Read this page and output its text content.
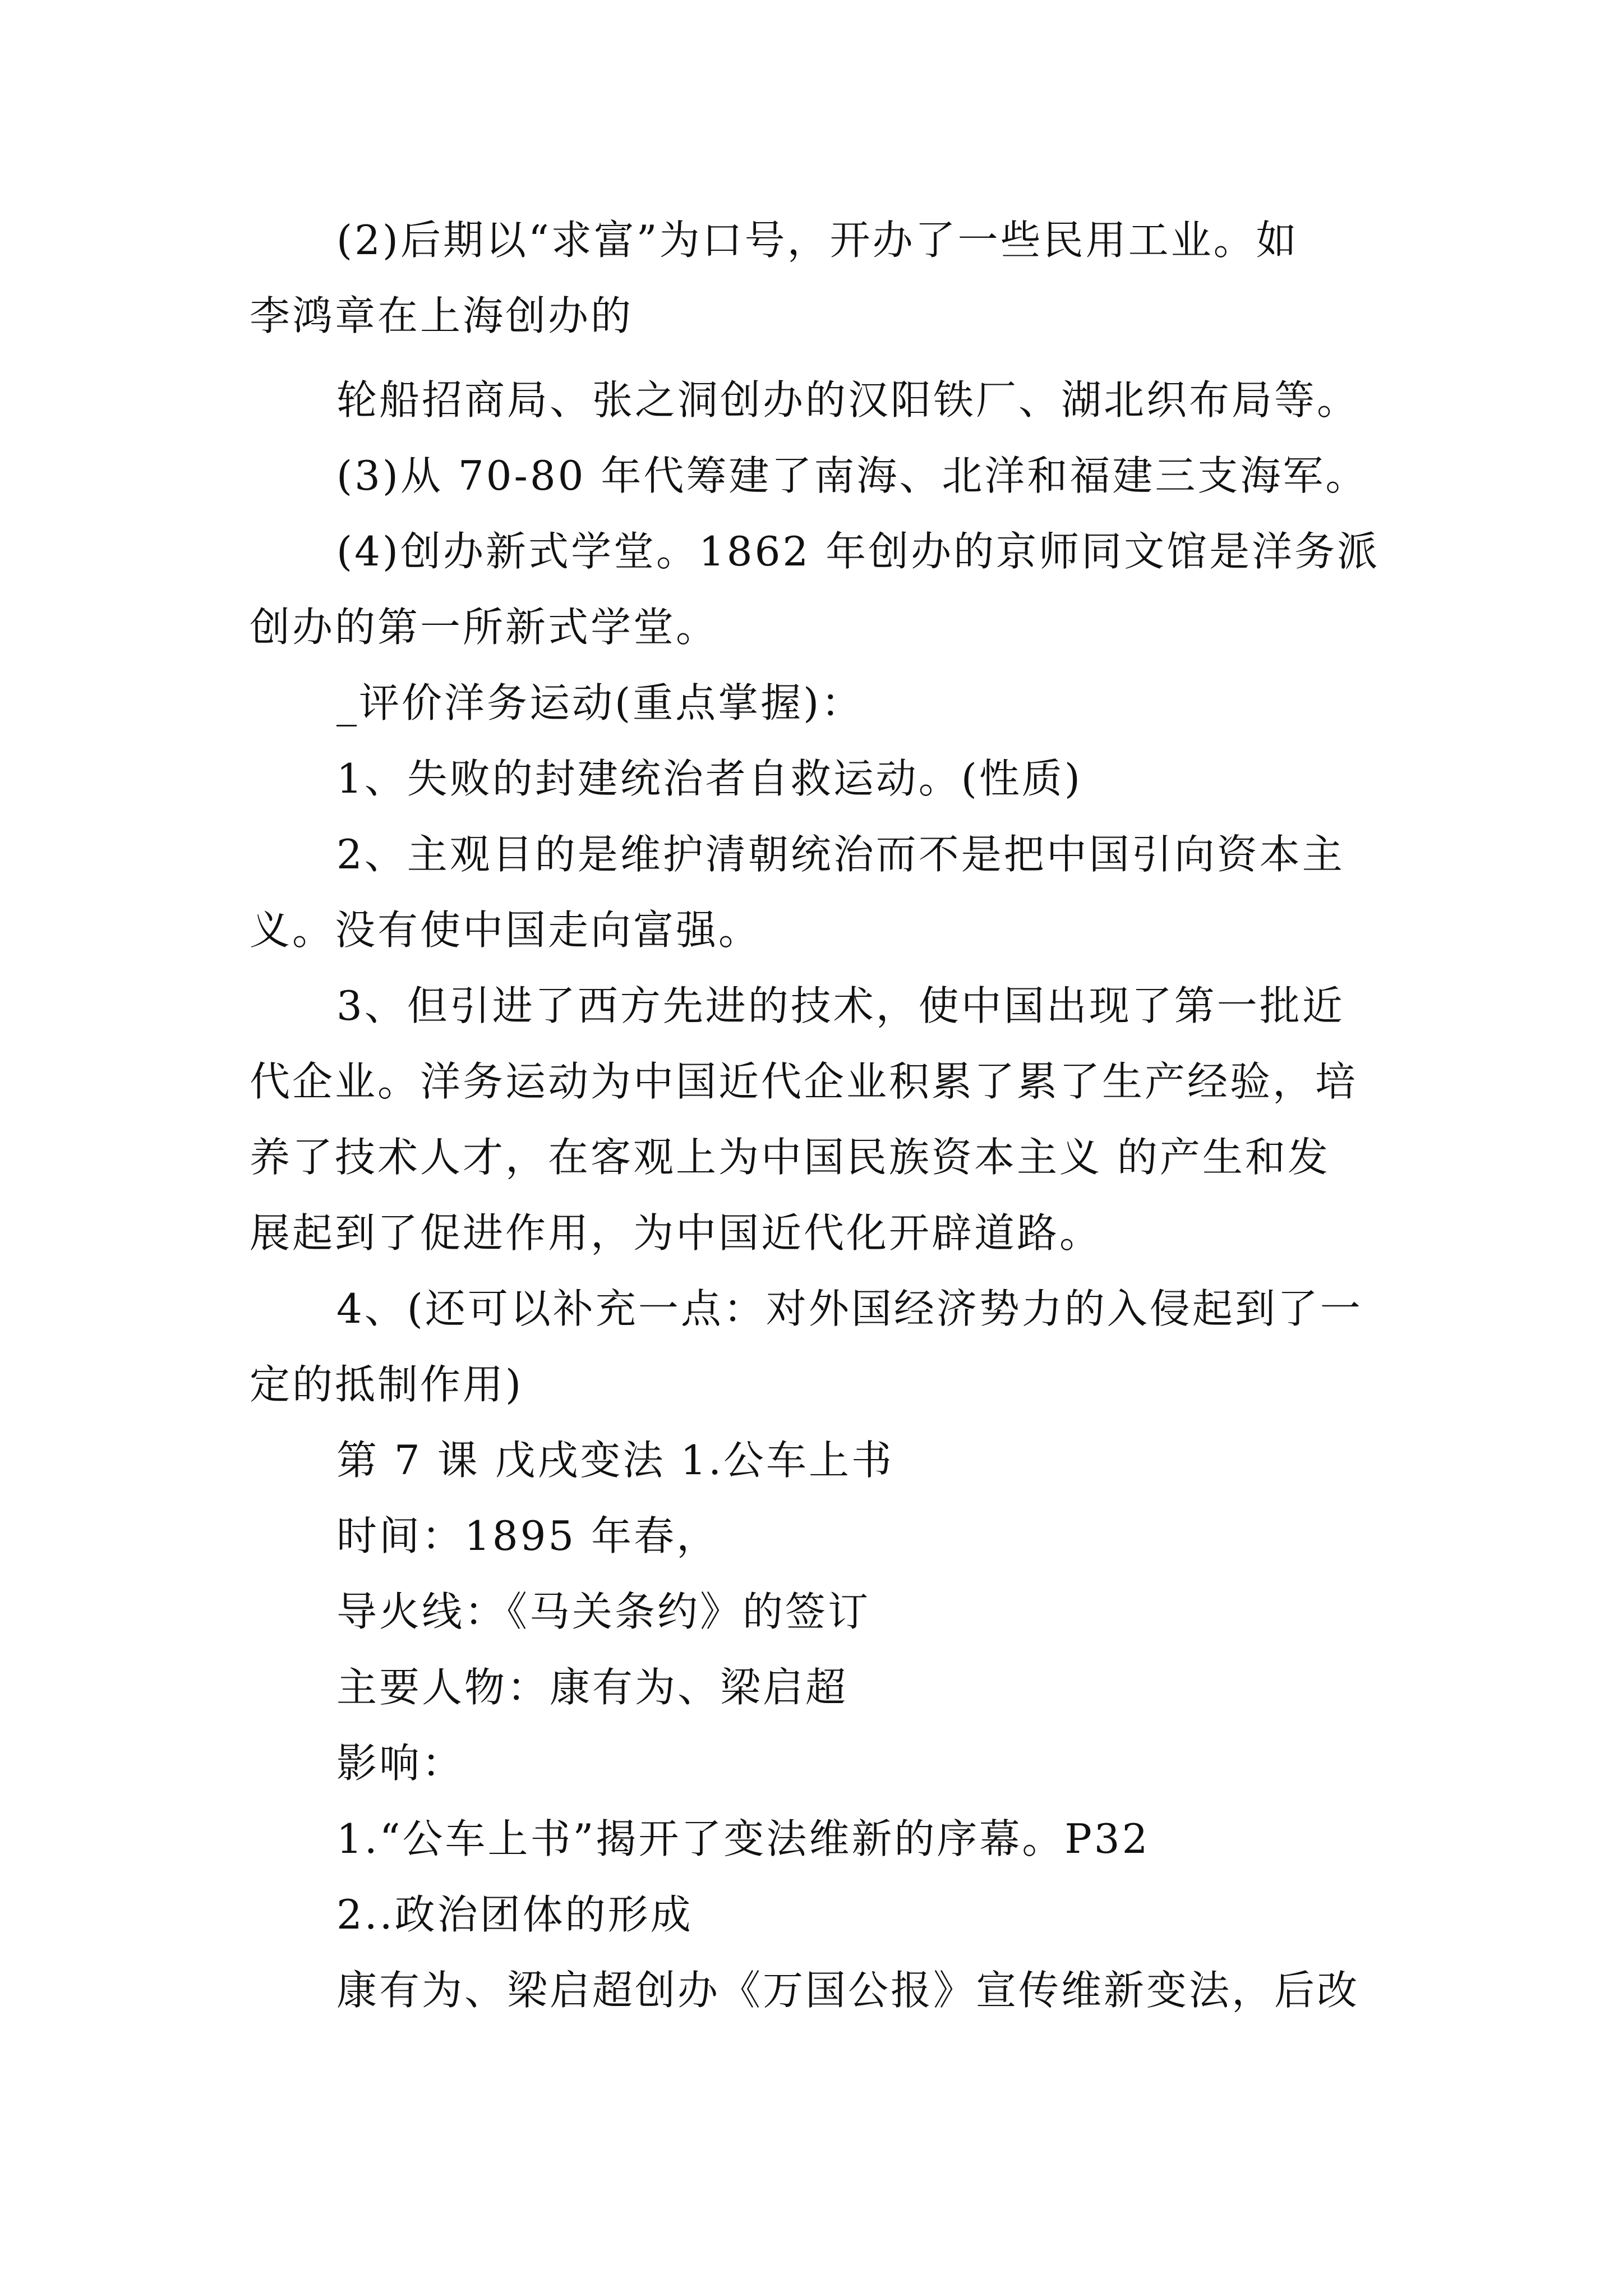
(2)后期以“求富”为口号，开办了一些民用工业。如
李鸿章在上海创办的
轮船招商局、张之洞创办的汉阳铁厂、湖北织布局等。
(3)从 70-80 年代筹建了南海、北洋和福建三支海军。
(4)创办新式学堂。1862 年创办的京师同文馆是洋务派
创办的第一所新式学堂。
_评价洋务运动(重点掌握)：
1、失败的封建统治者自救运动。(性质)
2、主观目的是维护清朝统治而不是把中国引向资本主
义。没有使中国走向富强。
3、但引进了西方先进的技术，使中国出现了第一批近
代企业。洋务运动为中国近代企业积累了累了生产经验，培
养了技术人才，在客观上为中国民族资本主义 的产生和发
展起到了促进作用，为中国近代化开辟道路。
4、(还可以补充一点：对外国经济势力的入侵起到了一
定的抵制作用)
第 7 课 戊戌变法 1.公车上书
时间：1895 年春，
导火线：《马关条约》的签订
主要人物：康有为、梁启超
影响：
1.“公车上书”揭开了变法维新的序幕。P32
2..政治团体的形成
康有为、梁启超创办《万国公报》宣传维新变法，后改
